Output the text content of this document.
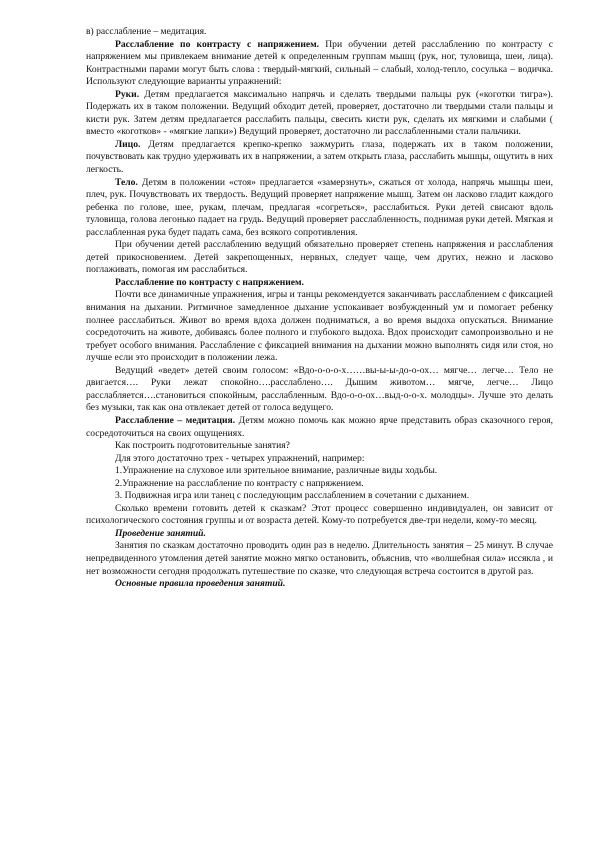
в) расслабление – медитация.

Расслабление по контрасту с напряжением. При обучении детей расслаблению по контрасту с напряжением мы привлекаем внимание детей к определенным группам мышц (рук, ног, туловища, шеи, лица). Контрастными парами могут быть слова : твердый-мягкий, сильный – слабый, холод-тепло, сосулька – водичка. Используют следующие варианты упражнений:

Руки. Детям предлагается максимально напрячь и сделать твердыми пальцы рук («коготки тигра»). Подержать их в таком положении. Ведущий обходит детей, проверяет, достаточно ли твердыми стали пальцы и кисти рук. Затем детям предлагается расслабить пальцы, свесить кисти рук, сделать их мягкими и слабыми ( вместо «коготков» - «мягкие лапки») Ведущий проверяет, достаточно ли расслабленными стали пальчики.

Лицо. Детям предлагается крепко-крепко зажмурить глаза, подержать их в таком положении, почувствовать как трудно удерживать их в напряжении, а затем открыть глаза, расслабить мышцы, ощутить в них легкость.

Тело. Детям в положении «стоя» предлагается «замерзнуть», сжаться от холода, напрячь мышцы шеи, плеч, рук. Почувствовать их твердость. Ведущий проверяет напряжение мышц. Затем он ласково гладит каждого ребенка по голове, шее, рукам, плечам, предлагая «согреться», расслабиться. Руки детей свисают вдоль туловища, голова легонько падает на грудь. Ведущий проверяет расслабленность, поднимая руки детей. Мягкая и расслабленная рука будет падать сама, без всякого сопротивления.

При обучении детей расслаблению ведущий обязательно проверяет степень напряжения и расслабления детей прикосновением. Детей закрепощенных, нервных, следует чаще, чем других, нежно и ласково поглаживать, помогая им расслабиться.

Расслабление по контрасту с напряжением.

Почти все динамичные упражнения, игры и танцы рекомендуется заканчивать расслаблением с фиксацией внимания на дыхании. Ритмичное замедленное дыхание успокаивает возбужденный ум и помогает ребенку полнее расслабиться. Живот во время вдоха должен подниматься, а во время выдоха опускаться. Внимание сосредоточить на животе, добиваясь более полного и глубокого выдоха. Вдох происходит самопроизвольно и не требует особого внимания. Расслабление с фиксацией внимания на дыхании можно выполнять сидя или стоя, но лучше если это происходит в положении лежа.

Ведущий «ведет» детей своим голосом: «Вдо-о-о-о-х……вы-ы-ы-до-о-ох… мягче… легче… Тело не двигается…. Руки лежат спокойно….расслаблено…. Дышим животом… мягче, легче… Лицо расслабляется….становиться спокойным, расслабленным. Вдо-о-о-ох…выд-о-о-х. молодцы». Лучше это делать без музыки, так как она отвлекает детей от голоса ведущего.

Расслабление – медитация. Детям можно помочь как можно ярче представить образ сказочного героя, сосредоточиться на своих ощущениях.

Как построить подготовительные занятия?

Для этого достаточно трех - четырех упражнений, например:

1.Упражнение на слуховое или зрительное внимание, различные виды ходьбы.

2.Упражнение на расслабление по контрасту с напряжением.

3. Подвижная игра или танец с последующим расслаблением в сочетании с дыханием.

Сколько времени готовить детей к сказкам? Этот процесс совершенно индивидуален, он зависит от психологического состояния группы и от возраста детей. Кому-то потребуется две-три недели, кому-то месяц.

Проведение занятий.

Занятия по сказкам достаточно проводить один раз в неделю. Длительность занятия – 25 минут. В случае непредвиденного утомления детей занятие можно мягко остановить, объяснив, что «волшебная сила» иссякла , и нет возможности сегодня продолжать путешествие по сказке, что следующая встреча состоится в другой раз.

Основные правила проведения занятий.
